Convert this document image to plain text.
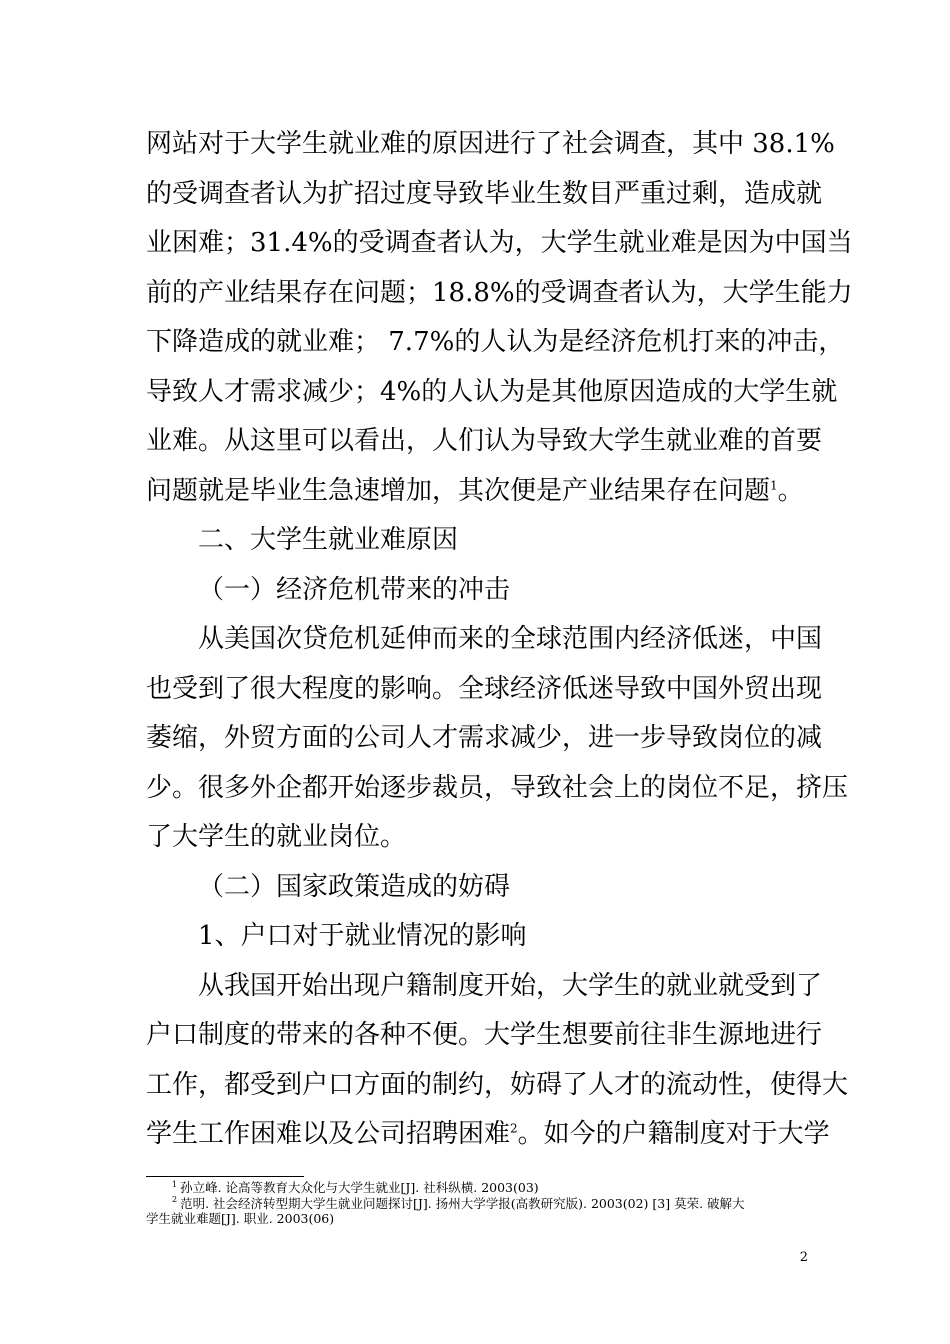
网站对于大学生就业难的原因进行了社会调查，其中 38.1%
的受调查者认为扩招过度导致毕业生数目严重过剩，造成就
业困难；31.4%的受调查者认为，大学生就业难是因为中国当
前的产业结果存在问题；18.8%的受调查者认为，大学生能力
下降造成的就业难； 7.7%的人认为是经济危机打来的冲击，
导致人才需求减少；4%的人认为是其他原因造成的大学生就
业难。从这里可以看出，人们认为导致大学生就业难的首要
问题就是毕业生急速增加，其次便是产业结果存在问题$^1$。
二、大学生就业难原因
（一）经济危机带来的冲击
从美国次贷危机延伸而来的全球范围内经济低迷，中国
也受到了很大程度的影响。全球经济低迷导致中国外贸出现
萎缩，外贸方面的公司人才需求减少，进一步导致岗位的减
少。很多外企都开始逐步裁员，导致社会上的岗位不足，挤压
了大学生的就业岗位。
（二）国家政策造成的妨碍
1、户口对于就业情况的影响
从我国开始出现户籍制度开始，大学生的就业就受到了
户口制度的带来的各种不便。大学生想要前往非生源地进行
工作，都受到户口方面的制约，妨碍了人才的流动性，使得大
学生工作困难以及公司招聘困难$^2$。如今的户籍制度对于大学
$^1$ 孙立峰. 论高等教育大众化与大学生就业[J]. 社科纵横. 2003(03)
$^2$ 范明. 社会经济转型期大学生就业问题探讨[J]. 扬州大学学报(高教研究版). 2003(02) [3] 莫荣. 破解大
学生就业难题[J]. 职业. 2003(06)
2
